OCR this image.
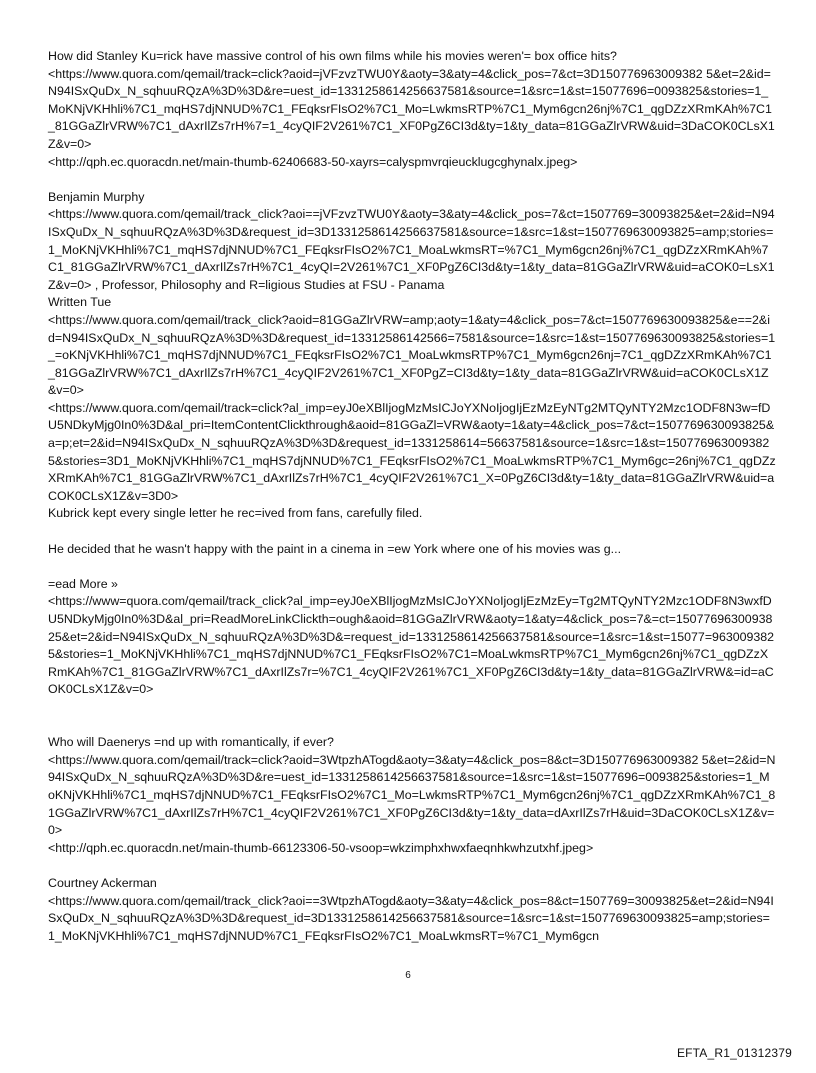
How did Stanley Ku=rick have massive control of his own films while his movies weren'= box office hits?
<https://www.quora.com/qemail/track=click?aoid=jVFzvzTWU0Y&aoty=3&aty=4&click_pos=7&ct=3D150776963009382 5&et=2&id=N94ISxQuDx_N_sqhuuRQzA%3D%3D&re=uest_id=1331258614256637581&source=1&src=1&st=15077696=0093825&stories=1_MoKNjVKHhli%7C1_mqHS7djNNUD%7C1_FEqksrFIsO2%7C1_Mo=LwkmsRTP%7C1_Mym6gcn26nj%7C1_qgDZzXRmKAh%7C1_81GGaZlrVRW%7C1_dAxrIlZs7rH%7=1_4cyQIF2V261%7C1_XF0PgZ6CI3d&ty=1&ty_data=81GGaZlrVRW&uid=3DaCOK0CLsX1Z&v=0>
<http://qph.ec.quoracdn.net/main-thumb-62406683-50-xayrs=calyspmvrqieucklugcghynalx.jpeg>
Benjamin Murphy
<https://www.quora.com/qemail/track_click?aoi==jVFzvzTWU0Y&aoty=3&aty=4&click_pos=7&ct=1507769=30093825&et=2&id=N94ISxQuDx_N_sqhuuRQzA%3D%3D&request_id=3D1331258614256637581&source=1&src=1&st=1507769630093825=amp;stories=1_MoKNjVKHhli%7C1_mqHS7djNNUD%7C1_FEqksrFIsO2%7C1_MoaLwkmsRT=%7C1_Mym6gcn26nj%7C1_qgDZzXRmKAh%7C1_81GGaZlrVRW%7C1_dAxrIlZs7rH%7C1_4cyQI=2V261%7C1_XF0PgZ6CI3d&ty=1&ty_data=81GGaZlrVRW&uid=aCOK0=LsX1Z&v=0> , Professor, Philosophy and R=ligious Studies at FSU - Panama
Written Tue
<https://www.quora.com/qemail/track_click?aoid=81GGaZlrVRW=amp;aoty=1&aty=4&click_pos=7&ct=1507769630093825&e==2&id=N94ISxQuDx_N_sqhuuRQzA%3D%3D&request_id=13312586142566=7581&source=1&src=1&st=1507769630093825&stories=1_=oKNjVKHhli%7C1_mqHS7djNNUD%7C1_FEqksrFIsO2%7C1_MoaLwkmsRTP%7C1_Mym6gcn26nj=7C1_qgDZzXRmKAh%7C1_81GGaZlrVRW%7C1_dAxrIlZs7rH%7C1_4cyQIF2V261%7C1_XF0PgZ=CI3d&ty=1&ty_data=81GGaZlrVRW&uid=aCOK0CLsX1Z&v=0>
<https://www.quora.com/qemail/track=click?al_imp=eyJ0eXBlIjogMzMsICJoYXNoIjogIjEzMzEyNTg2MTQyNTY2Mzc1ODF8N3w=fDU5NDkyMjg0In0%3D&al_pri=ItemContentClickthrough&aoid=81GGaZl=VRW&aoty=1&aty=4&click_pos=7&ct=1507769630093825&a=p;et=2&id=N94ISxQuDx_N_sqhuuRQzA%3D%3D&request_id=1331258614=56637581&source=1&src=1&st=1507769630093825&stories=3D1_MoKNjVKHhli%7C1_mqHS7djNNUD%7C1_FEqksrFIsO2%7C1_MoaLwkmsRTP%7C1_Mym6gc=26nj%7C1_qgDZzXRmKAh%7C1_81GGaZlrVRW%7C1_dAxrIlZs7rH%7C1_4cyQIF2V261%7C1_X=0PgZ6CI3d&ty=1&ty_data=81GGaZlrVRW&uid=aCOK0CLsX1Z&v=3D0>
Kubrick kept every single letter he rec=ived from fans, carefully filed.
He decided that he wasn't happy with the paint in a cinema in =ew York where one of his movies was g...
=ead More »
<https://www=quora.com/qemail/track_click?al_imp=eyJ0eXBlIjogMzMsICJoYXNoIjogIjEzMzEy=Tg2MTQyNTY2Mzc1ODF8N3wxfDU5NDkyMjg0In0%3D&al_pri=ReadMoreLinkClickth=ough&aoid=81GGaZlrVRW&aoty=1&aty=4&click_pos=7&=ct=1507769630093825&et=2&id=N94ISxQuDx_N_sqhuuRQzA%3D%3D&=request_id=1331258614256637581&source=1&src=1&st=15077=9630093825&stories=1_MoKNjVKHhli%7C1_mqHS7djNNUD%7C1_FEqksrFIsO2%7C1=MoaLwkmsRTP%7C1_Mym6gcn26nj%7C1_qgDZzXRmKAh%7C1_81GGaZlrVRW%7C1_dAxrIlZs7r=%7C1_4cyQIF2V261%7C1_XF0PgZ6CI3d&ty=1&ty_data=81GGaZlrVRW&=id=aCOK0CLsX1Z&v=0>
Who will Daenerys =nd up with romantically, if ever?
<https://www.quora.com/qemail/track=click?aoid=3WtpzhATogd&aoty=3&aty=4&click_pos=8&ct=3D150776963009382 5&et=2&id=N94ISxQuDx_N_sqhuuRQzA%3D%3D&re=uest_id=1331258614256637581&source=1&src=1&st=15077696=0093825&stories=1_MoKNjVKHhli%7C1_mqHS7djNNUD%7C1_FEqksrFIsO2%7C1_Mo=LwkmsRTP%7C1_Mym6gcn26nj%7C1_qgDZzXRmKAh%7C1_81GGaZlrVRW%7C1_dAxrIlZs7rH%7C1_4cyQIF2V261%7C1_XF0PgZ6CI3d&ty=1&ty_data=dAxrIlZs7rH&uid=3DaCOK0CLsX1Z&v=0>
<http://qph.ec.quoracdn.net/main-thumb-66123306-50-vsoop=wkzimphxhwxfaeqnhkwhzutxhf.jpeg>
Courtney Ackerman
<https://www.quora.com/qemail/track_click?aoi==3WtpzhATogd&aoty=3&aty=4&click_pos=8&ct=1507769=30093825&et=2&id=N94ISxQuDx_N_sqhuuRQzA%3D%3D&request_id=3D1331258614256637581&source=1&src=1&st=1507769630093825=amp;stories=1_MoKNjVKHhli%7C1_mqHS7djNNUD%7C1_FEqksrFIsO2%7C1_MoaLwkmsRT=%7C1_Mym6gcn
6
EFTA_R1_01312379
